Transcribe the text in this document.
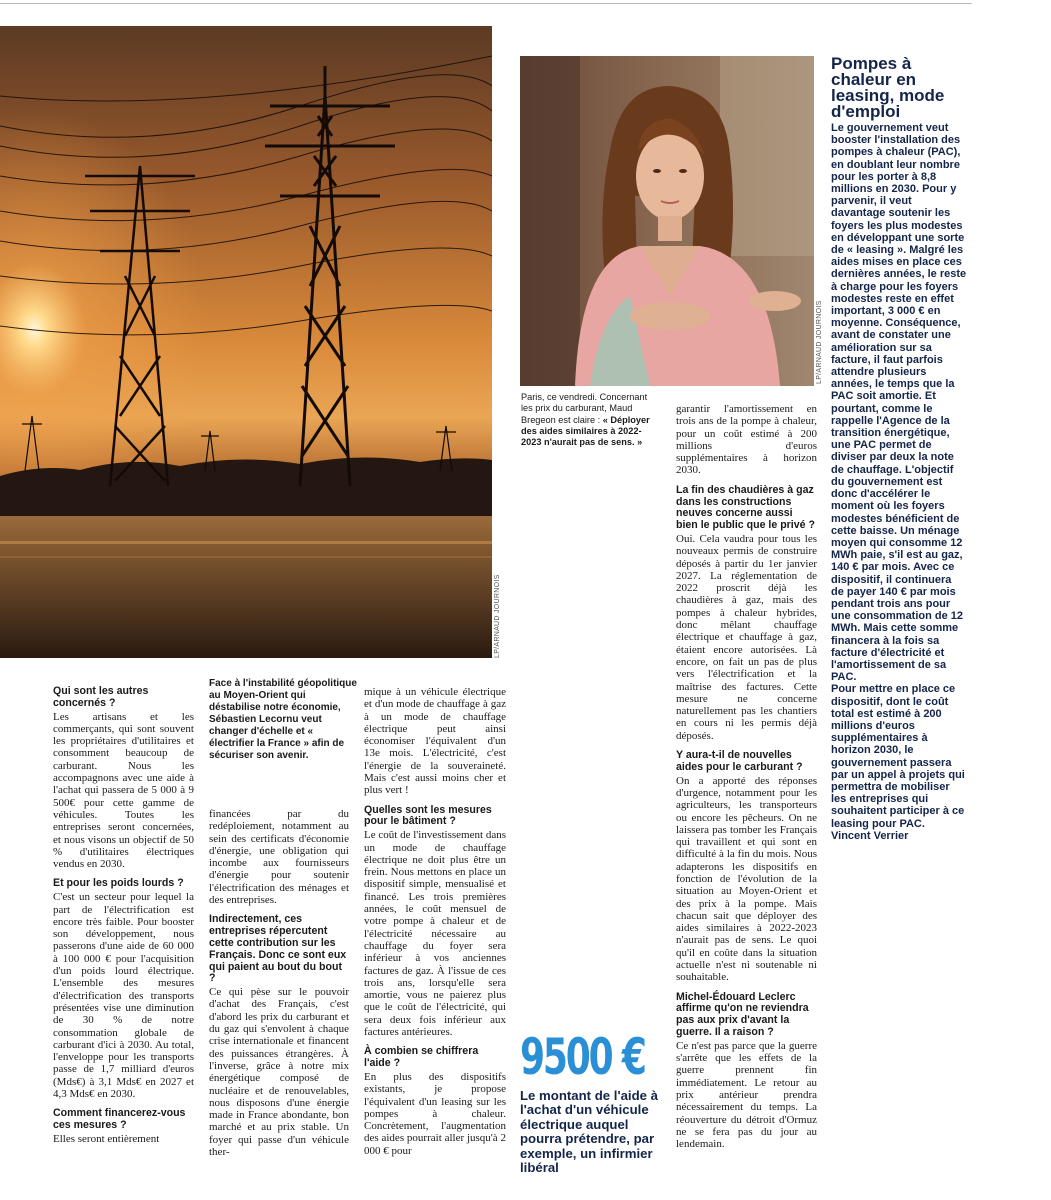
LP/ARNAUD JOURNOIS
LP/ARNAUD JOURNOIS
Paris, ce vendredi. Concernant les prix du carburant, Maud Bregeon est claire : « Déployer des aides similaires à 2022-2023 n'aurait pas de sens. »
Face à l'instabilité géopolitique au Moyen-Orient qui déstabilise notre économie, Sébastien Lecornu veut changer d'échelle et « électrifier la France » afin de sécuriser son avenir.
Qui sont les autres concernés ?

Les artisans et les commerçants, qui sont souvent les propriétaires d'utilitaires et consomment beaucoup de carburant. Nous les accompagnons avec une aide à l'achat qui passera de 5 000 à 9 500€ pour cette gamme de véhicules. Toutes les entreprises seront concernées, et nous visons un objectif de 50 % d'utilitaires électriques vendus en 2030.

Et pour les poids lourds ?

C'est un secteur pour lequel la part de l'électrification est encore très faible. Pour booster son développement, nous passerons d'une aide de 60 000 à 100 000 € pour l'acquisition d'un poids lourd électrique. L'ensemble des mesures d'électrification des transports présentées vise une diminution de 30 % de notre consommation globale de carburant d'ici à 2030. Au total, l'enveloppe pour les transports passe de 1,7 milliard d'euros (Mds€) à 3,1 Mds€ en 2027 et 4,3 Mds€ en 2030.

Comment financerez-vous ces mesures ?

Elles seront entièrement

financées par du redéploiement, notamment au sein des certificats d'économie d'énergie, une obligation qui incombe aux fournisseurs d'énergie pour soutenir l'électrification des ménages et des entreprises.

Indirectement, ces entreprises répercutent cette contribution sur les Français. Donc ce sont eux qui paient au bout du bout ?

Ce qui pèse sur le pouvoir d'achat des Français, c'est d'abord les prix du carburant et du gaz qui s'envolent à chaque crise internationale et financent des puissances étrangères. À l'inverse, grâce à notre mix énergétique composé de nucléaire et de renouvelables, nous disposons d'une énergie made in France abondante, bon marché et au prix stable. Un foyer qui passe d'un véhicule ther-

mique à un véhicule électrique et d'un mode de chauffage à gaz à un mode de chauffage électrique peut ainsi économiser l'équivalent d'un 13e mois. L'électricité, c'est l'énergie de la souveraineté. Mais c'est aussi moins cher et plus vert !

Quelles sont les mesures pour le bâtiment ?

Le coût de l'investissement dans un mode de chauffage électrique ne doit plus être un frein. Nous mettons en place un dispositif simple, mensualisé et financé. Les trois premières années, le coût mensuel de votre pompe à chaleur et de l'électricité nécessaire au chauffage du foyer sera inférieur à vos anciennes factures de gaz. À l'issue de ces trois ans, lorsqu'elle sera amortie, vous ne paierez plus que le coût de l'électricité, qui sera deux fois inférieur aux factures antérieures.

À combien se chiffrera l'aide ?

En plus des dispositifs existants, je propose l'équivalent d'un leasing sur les pompes à chaleur. Concrètement, l'augmentation des aides pourrait aller jusqu'à 2 000 € pour

garantir l'amortissement en trois ans de la pompe à chaleur, pour un coût estimé à 200 millions d'euros supplémentaires à horizon 2030.

La fin des chaudières à gaz dans les constructions neuves concerne aussi bien le public que le privé ?

Oui. Cela vaudra pour tous les nouveaux permis de construire déposés à partir du 1er janvier 2027. La réglementation de 2022 proscrit déjà les chaudières à gaz, mais des pompes à chaleur hybrides, donc mêlant chauffage électrique et chauffage à gaz, étaient encore autorisées. Là encore, on fait un pas de plus vers l'électrification et la maîtrise des factures. Cette mesure ne concerne naturellement pas les chantiers en cours ni les permis déjà déposés.

Y aura-t-il de nouvelles aides pour le carburant ?

On a apporté des réponses d'urgence, notamment pour les agriculteurs, les transporteurs ou encore les pêcheurs. On ne laissera pas tomber les Français qui travaillent et qui sont en difficulté à la fin du mois. Nous adapterons les dispositifs en fonction de l'évolution de la situation au Moyen-Orient et des prix à la pompe. Mais chacun sait que déployer des aides similaires à 2022-2023 n'aurait pas de sens. Le quoi qu'il en coûte dans la situation actuelle n'est ni soutenable ni souhaitable.

Michel-Édouard Leclerc affirme qu'on ne reviendra pas aux prix d'avant la guerre. Il a raison ?

Ce n'est pas parce que la guerre s'arrête que les effets de la guerre prennent fin immédiatement. Le retour au prix antérieur prendra nécessairement du temps. La réouverture du détroit d'Ormuz ne se fera pas du jour au lendemain.

9500 €
Le montant de l'aide à l'achat d'un véhicule électrique auquel pourra prétendre, par exemple, un infirmier libéral
Pompes à chaleur en leasing, mode d'emploi

Le gouvernement veut booster l'installation des pompes à chaleur (PAC), en doublant leur nombre pour les porter à 8,8 millions en 2030. Pour y parvenir, il veut davantage soutenir les foyers les plus modestes en développant une sorte de « leasing ». Malgré les aides mises en place ces dernières années, le reste à charge pour les foyers modestes reste en effet important, 3 000 € en moyenne. Conséquence, avant de constater une amélioration sur sa facture, il faut parfois attendre plusieurs années, le temps que la PAC soit amortie. Et pourtant, comme le rappelle l'Agence de la transition énergétique, une PAC permet de diviser par deux la note de chauffage. L'objectif du gouvernement est donc d'accélérer le moment où les foyers modestes bénéficient de cette baisse. Un ménage moyen qui consomme 12 MWh paie, s'il est au gaz, 140 € par mois. Avec ce dispositif, il continuera de payer 140 € par mois pendant trois ans pour une consommation de 12 MWh. Mais cette somme financera à la fois sa facture d'électricité et l'amortissement de sa PAC.

Pour mettre en place ce dispositif, dont le coût total est estimé à 200 millions d'euros supplémentaires à horizon 2030, le gouvernement passera par un appel à projets qui permettra de mobiliser les entreprises qui souhaitent participer à ce leasing pour PAC.

Vincent Verrier
